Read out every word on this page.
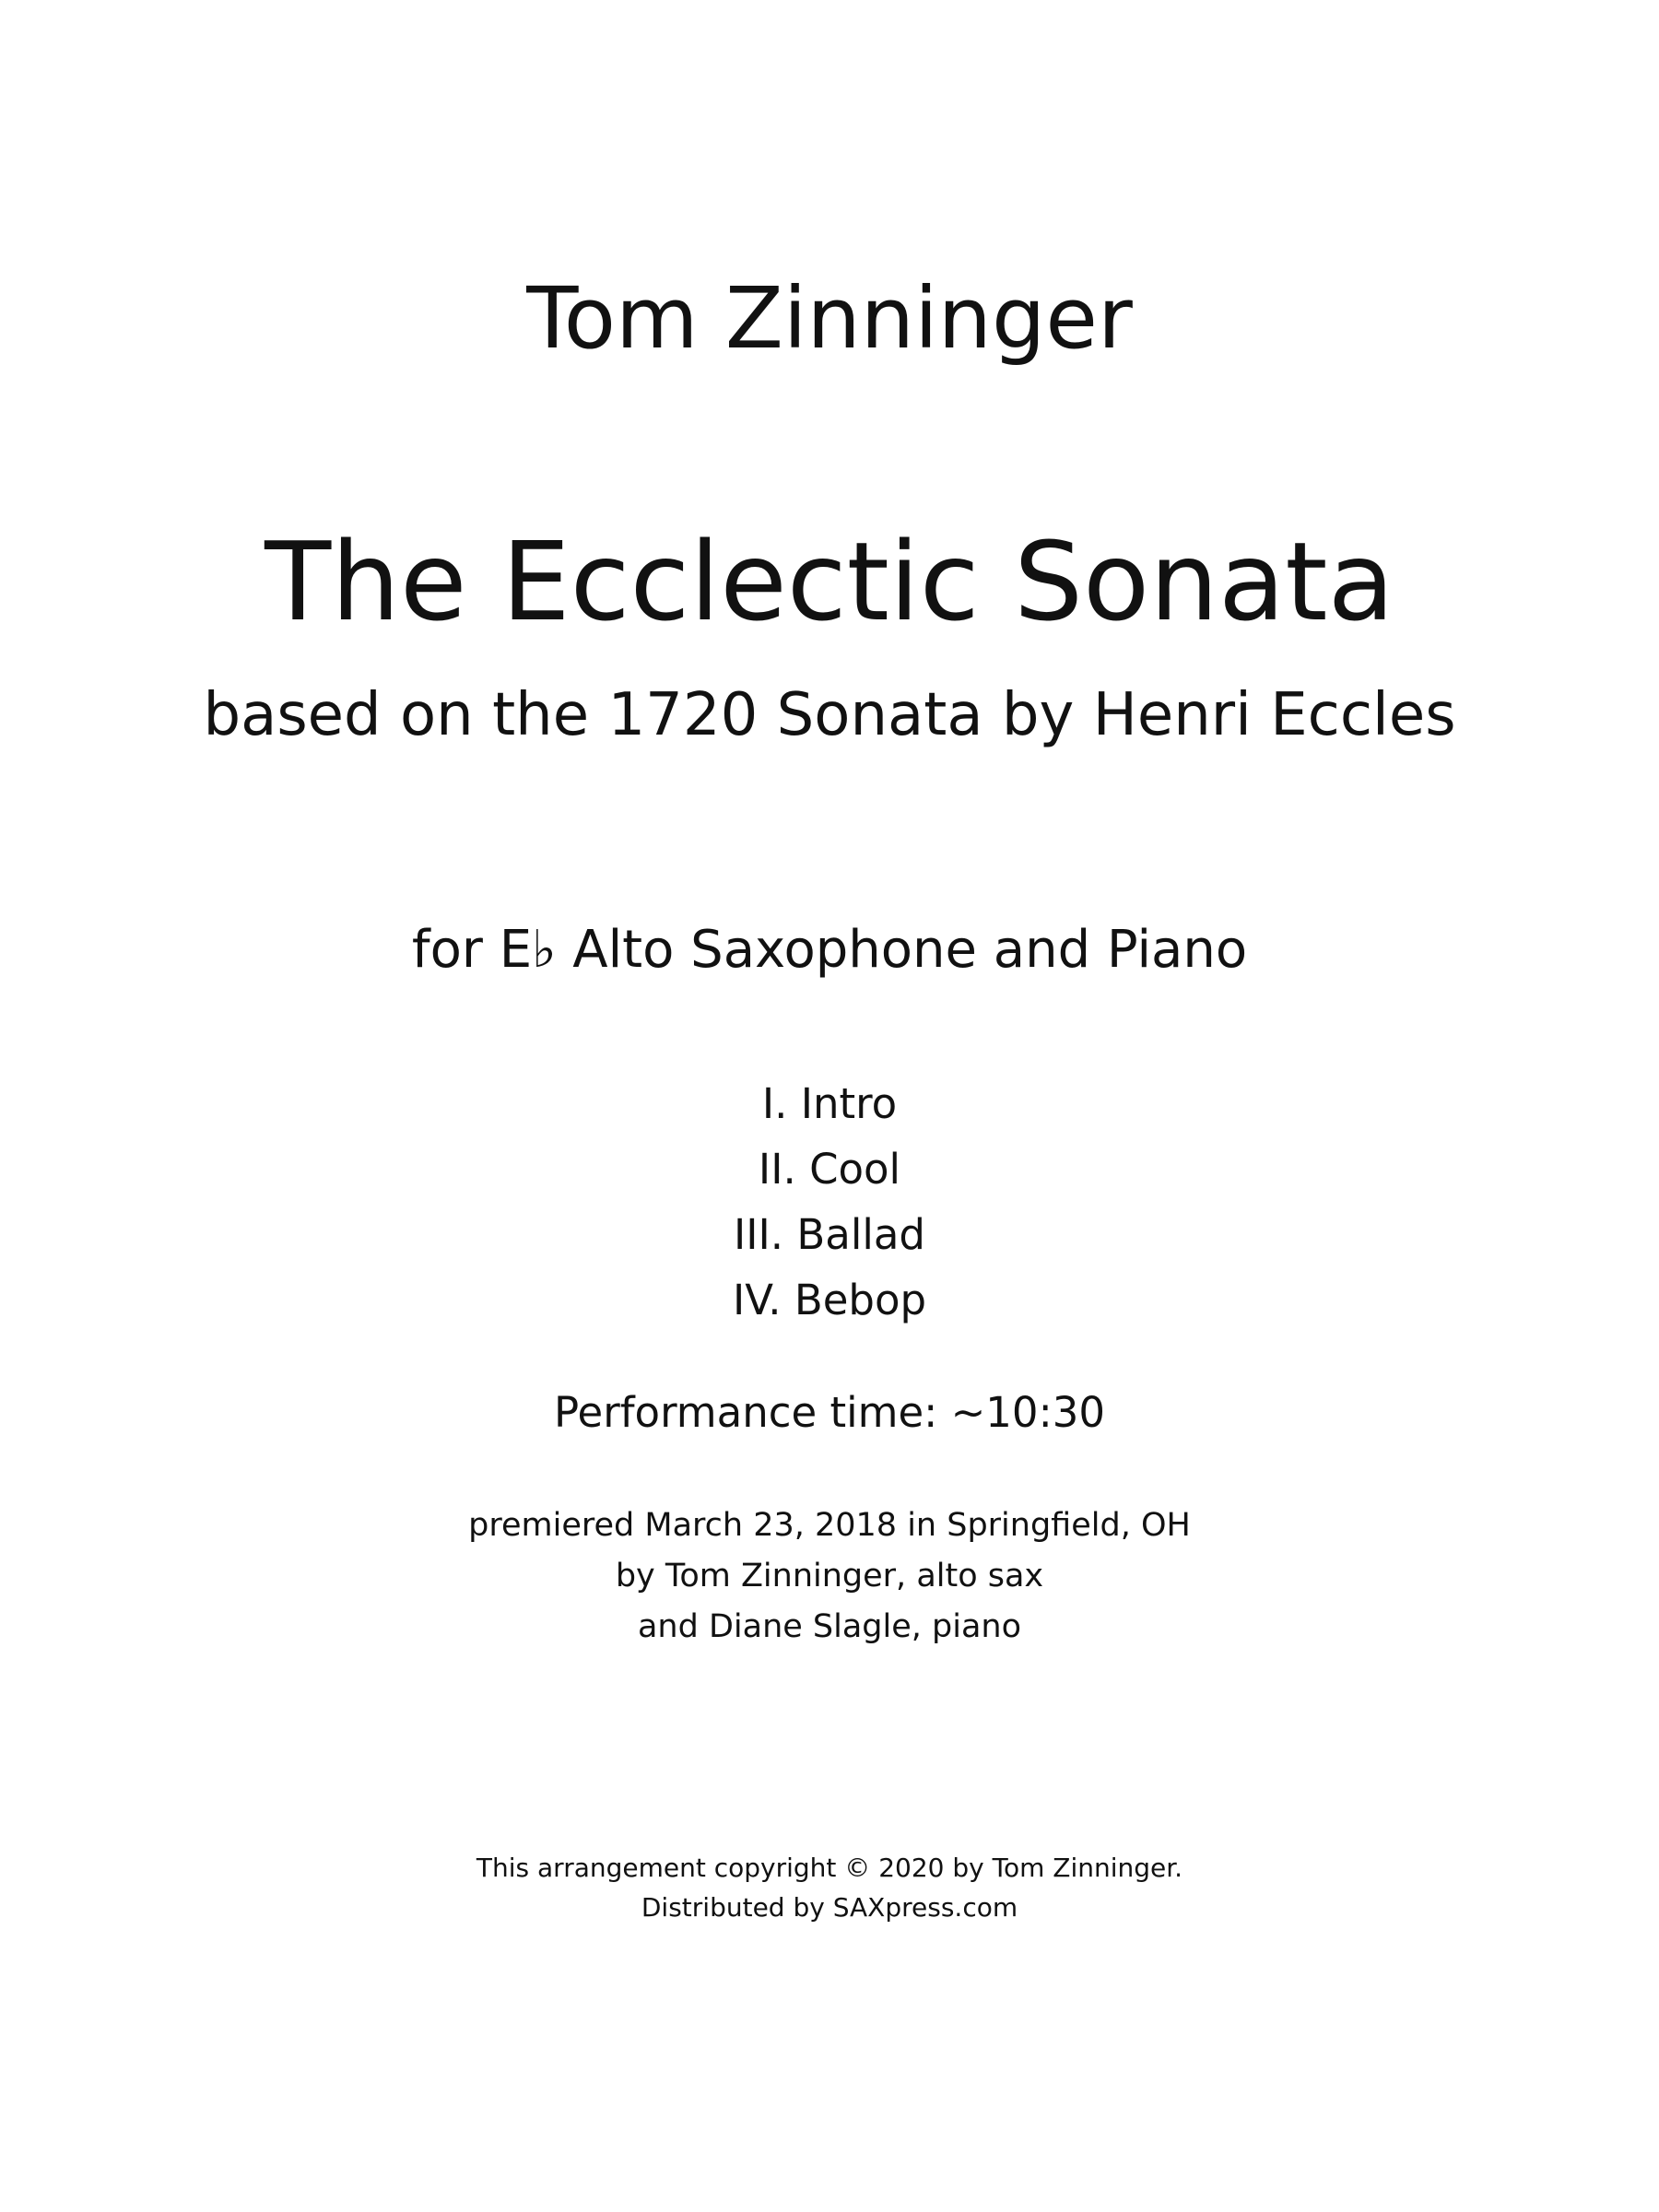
Tom Zinninger
The Ecclectic Sonata
based on the 1720 Sonata by Henri Eccles
for E♭ Alto Saxophone and Piano
I. Intro
II. Cool
III. Ballad
IV. Bebop
Performance time: ~10:30
premiered March 23, 2018 in Springfield, OH
by Tom Zinninger, alto sax
and Diane Slagle, piano
This arrangement copyright © 2020 by Tom Zinninger.
Distributed by SAXpress.com
